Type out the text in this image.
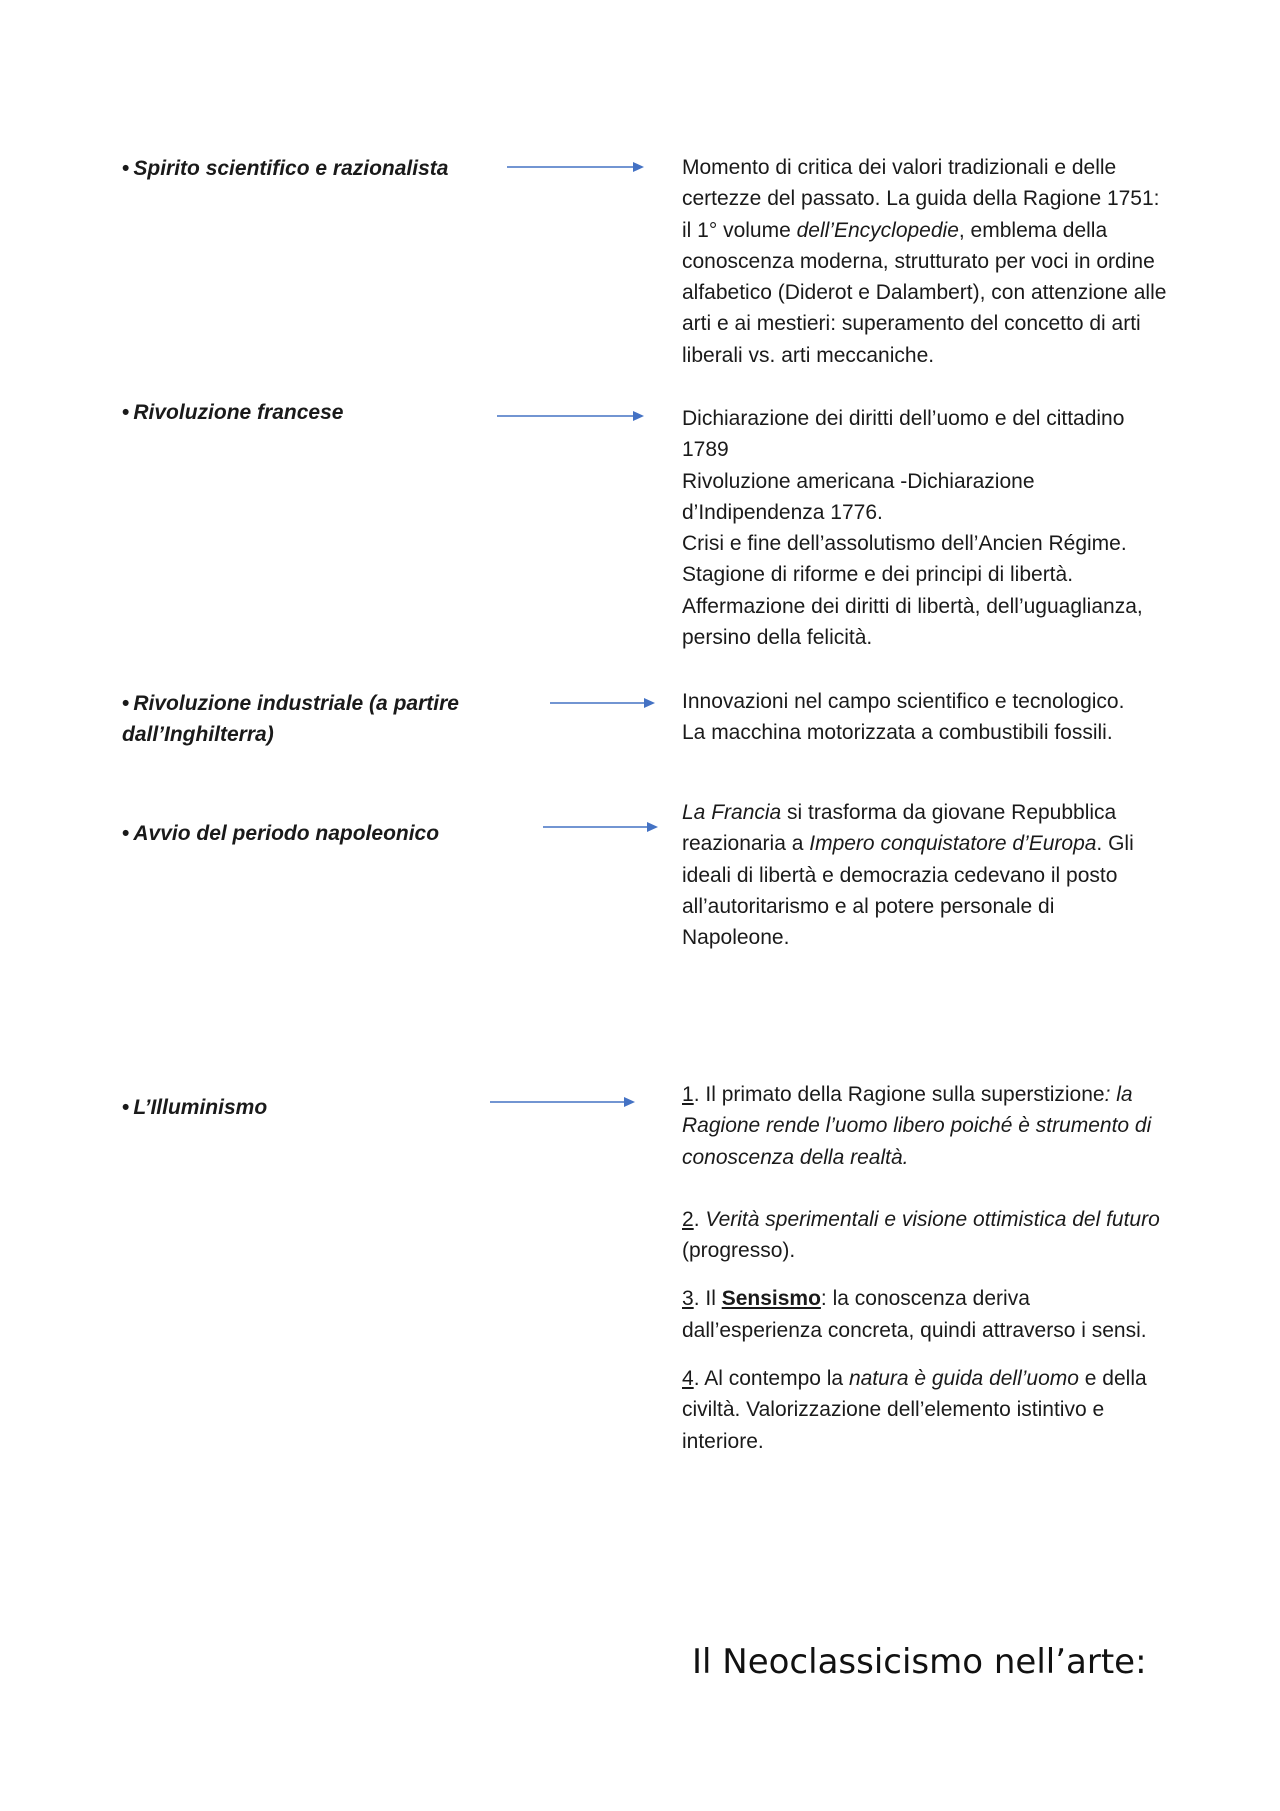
• Spirito scientifico e razionalista	Momento di critica dei valori tradizionali e delle certezze del passato. La guida della Ragione 1751: il 1° volume dell’Encyclopedie, emblema della conoscenza moderna, strutturato per voci in ordine alfabetico (Diderot e Dalambert), con attenzione alle arti e ai mestieri: superamento del concetto di arti liberali vs. arti meccaniche.

• Rivoluzione francese	Dichiarazione dei diritti dell’uomo e del cittadino 1789

Rivoluzione americana -Dichiarazione d’Indipendenza 1776.

Crisi e fine dell’assolutismo dell’Ancien Régime.

Stagione di riforme e dei principi di libertà.

Affermazione dei diritti di libertà, dell’uguaglianza, persino della felicità.

• Rivoluzione industriale (a partire
dall’Inghilterra)

Innovazioni nel campo scientifico e tecnologico.

La macchina motorizzata a combustibili fossili.

• Avvio del periodo napoleonico

La Francia si trasforma da giovane Repubblica reazionaria a Impero conquistatore d’Europa. Gli ideali di libertà e democrazia cedevano il posto all’autoritarismo e al potere personale di Napoleone.

• L’Illuminismo

1. Il primato della Ragione sulla superstizione: la Ragione rende l’uomo libero poiché è strumento di conoscenza della realtà.

2. Verità sperimentali e visione ottimistica del futuro (progresso).

3. Il Sensismo: la conoscenza deriva dall’esperienza concreta, quindi attraverso i sensi.

4. Al contempo la natura è guida dell’uomo e della civiltà. Valorizzazione dell’elemento istintivo e interiore.

Il Neoclassicismo nell’arte:
